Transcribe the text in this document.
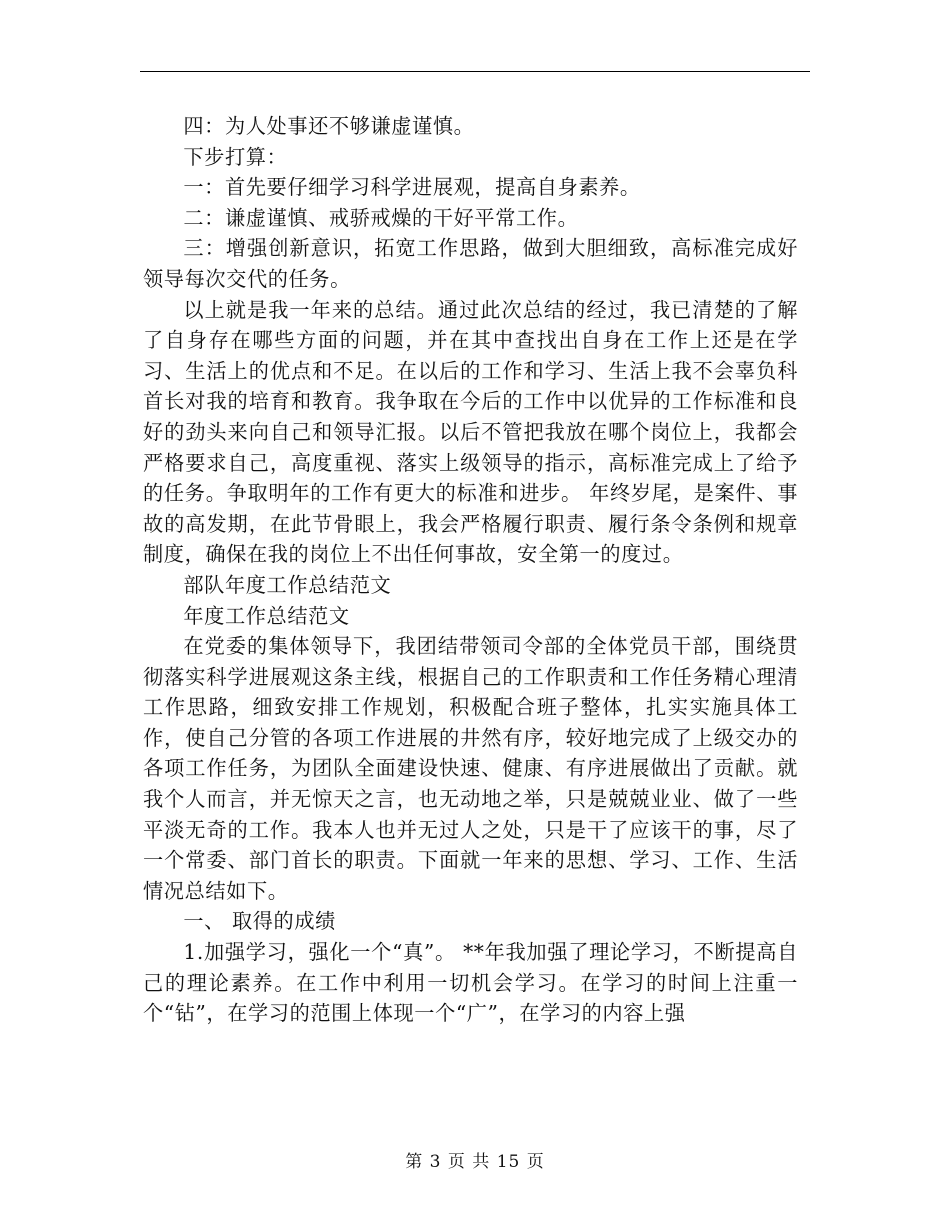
四：为人处事还不够谦虚谨慎。

下步打算：

一：首先要仔细学习科学进展观，提高自身素养。

二：谦虚谨慎、戒骄戒燥的干好平常工作。

三：增强创新意识，拓宽工作思路，做到大胆细致，高标准完成好领导每次交代的任务。

以上就是我一年来的总结。通过此次总结的经过，我已清楚的了解了自身存在哪些方面的问题，并在其中查找出自身在工作上还是在学习、生活上的优点和不足。在以后的工作和学习、生活上我不会辜负科首长对我的培育和教育。我争取在今后的工作中以优异的工作标准和良好的劲头来向自己和领导汇报。以后不管把我放在哪个岗位上，我都会严格要求自己，高度重视、落实上级领导的指示，高标准完成上了给予的任务。争取明年的工作有更大的标准和进步。 年终岁尾，是案件、事故的高发期，在此节骨眼上，我会严格履行职责、履行条令条例和规章制度，确保在我的岗位上不出任何事故，安全第一的度过。

部队年度工作总结范文

年度工作总结范文

在党委的集体领导下，我团结带领司令部的全体党员干部，围绕贯彻落实科学进展观这条主线，根据自己的工作职责和工作任务精心理清工作思路，细致安排工作规划，积极配合班子整体，扎实实施具体工作，使自己分管的各项工作进展的井然有序，较好地完成了上级交办的各项工作任务，为团队全面建设快速、健康、有序进展做出了贡献。就我个人而言，并无惊天之言，也无动地之举，只是兢兢业业、做了一些平淡无奇的工作。我本人也并无过人之处，只是干了应该干的事，尽了一个常委、部门首长的职责。下面就一年来的思想、学习、工作、生活情况总结如下。

一、 取得的成绩

1.加强学习，强化一个“真”。 **年我加强了理论学习，不断提高自己的理论素养。在工作中利用一切机会学习。在学习的时间上注重一个“钻”，在学习的范围上体现一个“广”，在学习的内容上强

第 3 页 共 15 页
